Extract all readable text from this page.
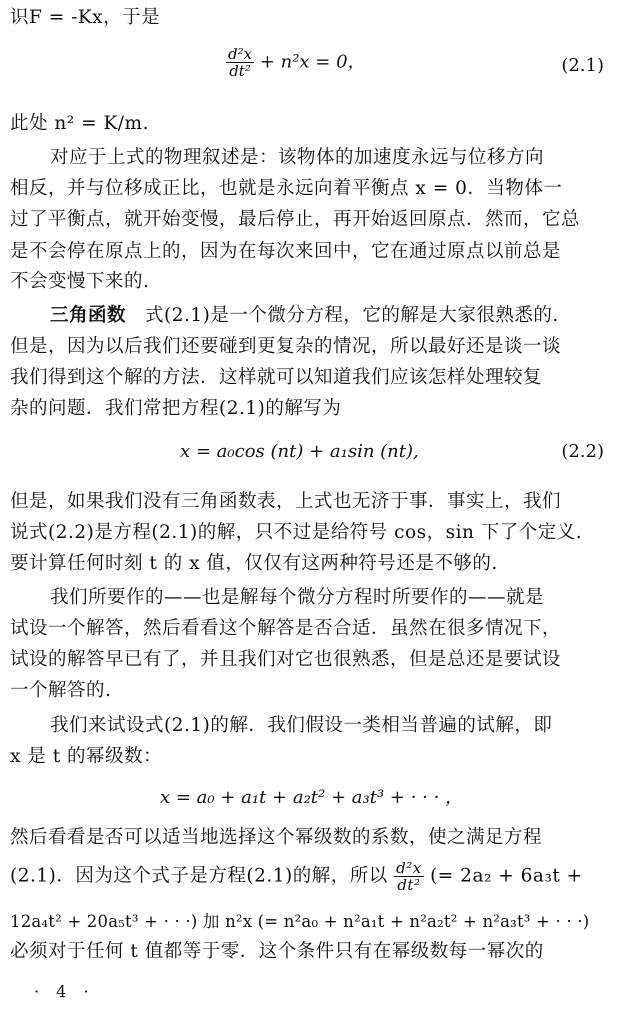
识F = -Kx，于是
$\frac{\text{d²x}}{\text{dt²}} + n^2x = 0$，	(2.1)
此处 n² = K/m.
对应于上式的物理叙述是：该物体的加速度永远与位移方向
相反，并与位移成正比，也就是永远向着平衡点 x = 0．当物体一
过了平衡点，就开始变慢，最后停止，再开始返回原点．然而，它总
是不会停在原点上的，因为在每次来回中，它在通过原点以前总是
不会变慢下来的.
三角函数　式(2.1)是一个微分方程，它的解是大家很熟悉的.
但是，因为以后我们还要碰到更复杂的情况，所以最好还是谈一谈
我们得到这个解的方法．这样就可以知道我们应该怎样处理较复
杂的问题．我们常把方程(2.1)的解写为
x = a₀cos (nt) + a₁sin (nt),	(2.2)
但是，如果我们没有三角函数表，上式也无济于事．事实上，我们
说式(2.2)是方程(2.1)的解，只不过是给符号 cos，sin 下了个定义.
要计算任何时刻 t 的 x 值，仅仅有这两种符号还是不够的.
我们所要作的——也是解每个微分方程时所要作的——就是
试设一个解答，然后看看这个解答是否合适．虽然在很多情况下，
试设的解答早已有了，并且我们对它也很熟悉，但是总还是要试设
一个解答的.
我们来试设式(2.1)的解．我们假设一类相当普遍的试解，即
x 是 t 的幂级数：
x = a₀ + a₁t + a₂t² + a₃t³ + · · · ，
然后看看是否可以适当地选择这个幂级数的系数，使之满足方程
(2.1)．因为这个式子是方程(2.1)的解，所以 $\frac{\text{d²x}}{\text{dt²}}$ (= 2a₂ + 6a₃t +
12a₄t² + 20a₅t³ + · · ·) 加 n²x (= n²a₀ + n²a₁t + n²a₂t² + n²a₃t³ + · · ·)
必须对于任何 t 值都等于零．这个条件只有在幂级数每一幂次的
· 4 ·
